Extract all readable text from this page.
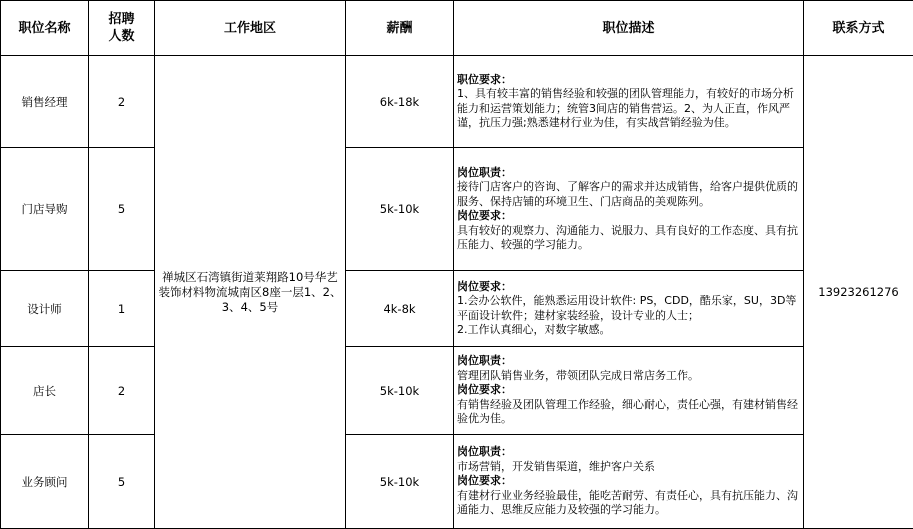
职位名称	招聘
人数	工作地区	薪酬	职位描述	联系方式
销售经理	2	禅城区石湾镇街道莱翔路10号华艺装饰材料物流城南区8座一层1、2、3、4、5号	6k-18k	职位要求：
1、具有较丰富的销售经验和较强的团队管理能力，有较好的市场分析能力和运营策划能力；统管3间店的销售营运。2、为人正直，作风严谨，抗压力强;熟悉建材行业为佳，有实战营销经验为佳。	13923261276
门店导购	5		5k-10k	岗位职责：
接待门店客户的咨询、了解客户的需求并达成销售，给客户提供优质的服务、保持店铺的环境卫生、门店商品的美观陈列。
岗位要求：
具有较好的观察力、沟通能力、说服力、具有良好的工作态度、具有抗压能力、较强的学习能力。	

设计师	1		4k-8k	岗位要求：
1.会办公软件，能熟悉运用设计软件: PS，CDD，酷乐家，SU，3D等平面设计软件；建材家装经验，设计专业的人士；
2.工作认真细心，对数字敏感。	

店长	2		5k-10k	岗位职责：
管理团队销售业务，带领团队完成日常店务工作。
岗位要求：
有销售经验及团队管理工作经验，细心耐心，责任心强，有建材销售经验优为佳。	

业务顾问	5		5k-10k	岗位职责：
市场营销，开发销售渠道，维护客户关系
岗位要求：
有建材行业业务经验最佳，能吃苦耐劳、有责任心，具有抗压能力、沟通能力、思维反应能力及较强的学习能力。	
